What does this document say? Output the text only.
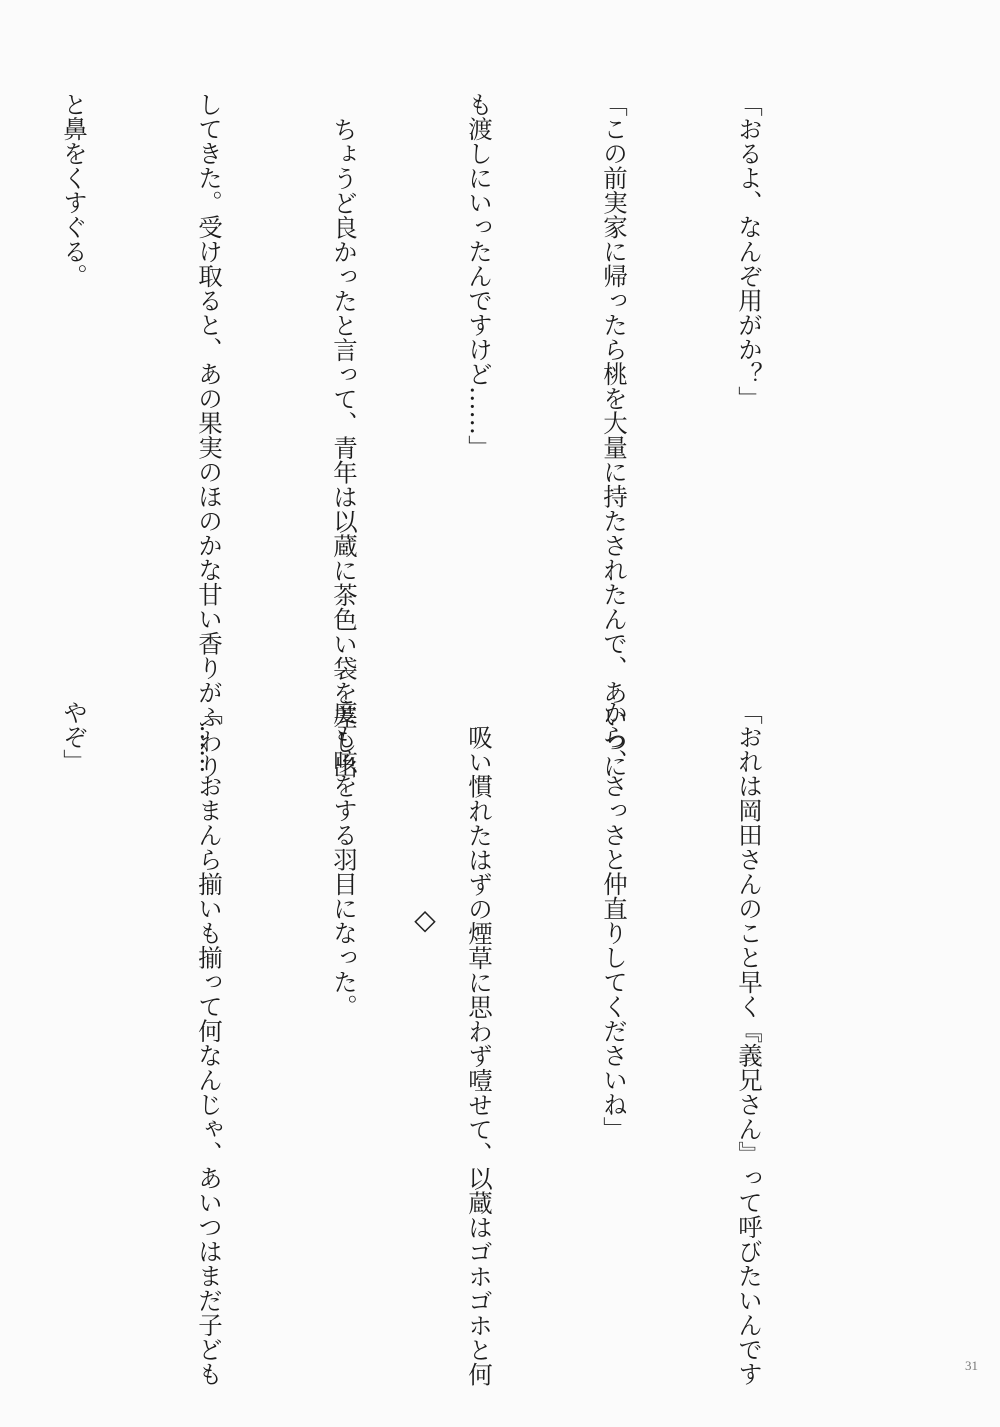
「おるよ、なんぞ用がか？」

「この前実家に帰ったら桃を大量に持たされたんで、あいつに

も渡しにいったんですけど……」

ちょうど良かったと言って、青年は以蔵に茶色い袋を差し出

してきた。受け取ると、あの果実のほのかな甘い香りがふわり

と鼻をくすぐる。

「おれは岡田さんのこと早く『義兄さん』って呼びたいんです

から、さっさと仲直りしてくださいね」

吸い慣れたはずの煙草に思わず噎せて、以蔵はゴホゴホと何

度も咳をする羽目になった。

「……おまんら揃いも揃って何なんじゃ、あいつはまだ子ども

やぞ」

◇
31
